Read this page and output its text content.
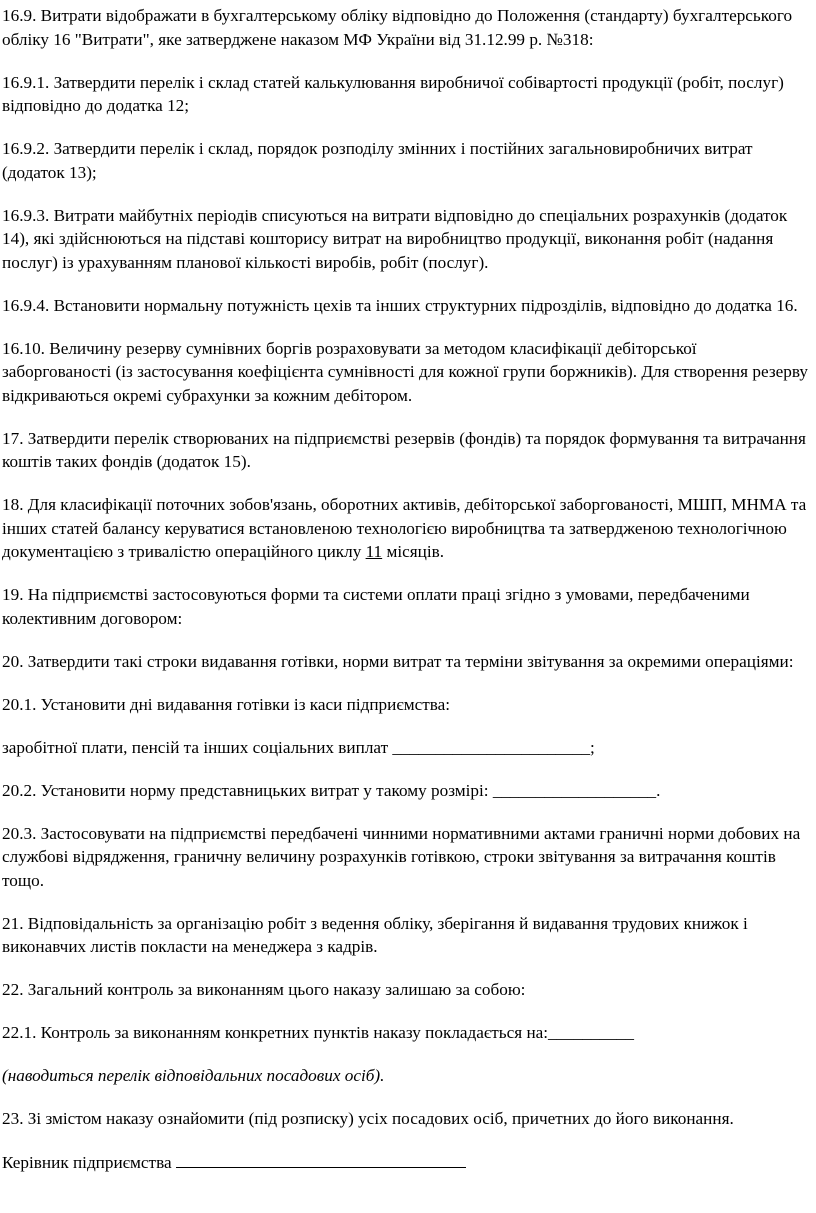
16.9. Витрати відображати в бухгалтерському обліку відповідно до Положення (стандарту) бухгалтерського обліку 16 "Витрати", яке затверджене наказом МФ України від 31.12.99 р. №318:

16.9.1. Затвердити перелік і склад статей калькулювання виробничої собівартості продукції (робіт, послуг) відповідно до додатка 12;

16.9.2. Затвердити перелік і склад, порядок розподілу змінних і постійних загальновиробничих витрат (додаток 13);

16.9.3. Витрати майбутніх періодів списуються на витрати відповідно до спеціальних розрахунків (додаток 14), які здійснюються на підставі кошторису витрат на виробництво продукції, виконання робіт (надання послуг) із урахуванням планової кількості виробів, робіт (послуг).

16.9.4. Встановити нормальну потужність цехів та інших структурних підрозділів, відповідно до додатка 16.

16.10. Величину резерву сумнівних боргів розраховувати за методом класифікації дебіторської заборгованості (із застосування коефіцієнта сумнівності для кожної групи боржників). Для створення резерву відкриваються окремі субрахунки за кожним дебітором.

17. Затвердити перелік створюваних на підприємстві резервів (фондів) та порядок формування та витрачання коштів таких фондів (додаток 15).

18. Для класифікації поточних зобов'язань, оборотних активів, дебіторської заборгованості, МШП, МНМА та інших статей балансу керуватися встановленою технологією виробництва та затвердженою технологічною документацією з тривалістю операційного циклу 11 місяців.

19. На підприємстві застосовуються форми та системи оплати праці згідно з умовами, передбаченими колективним договором:

20. Затвердити такі строки видавання готівки, норми витрат та терміни звітування за окремими операціями:

20.1. Установити дні видавання готівки із каси підприємства:

заробітної плати, пенсій та інших соціальних виплат _______________________;

20.2. Установити норму представницьких витрат у такому розмірі: ___________________.

20.3. Застосовувати на підприємстві передбачені чинними нормативними актами граничні норми добових на службові відрядження, граничну величину розрахунків готівкою, строки звітування за витрачання коштів тощо.

21. Відповідальність за організацію робіт з ведення обліку, зберігання й видавання трудових книжок і виконавчих листів покласти на менеджера з кадрів.

22. Загальний контроль за виконанням цього наказу залишаю за собою:

22.1. Контроль за виконанням конкретних пунктів наказу покладається на:__________

(наводиться перелік відповідальних посадових осіб).

23. Зі змістом наказу ознайомити (під розписку) усіх посадових осіб, причетних до його виконання.

Керівник підприємства
